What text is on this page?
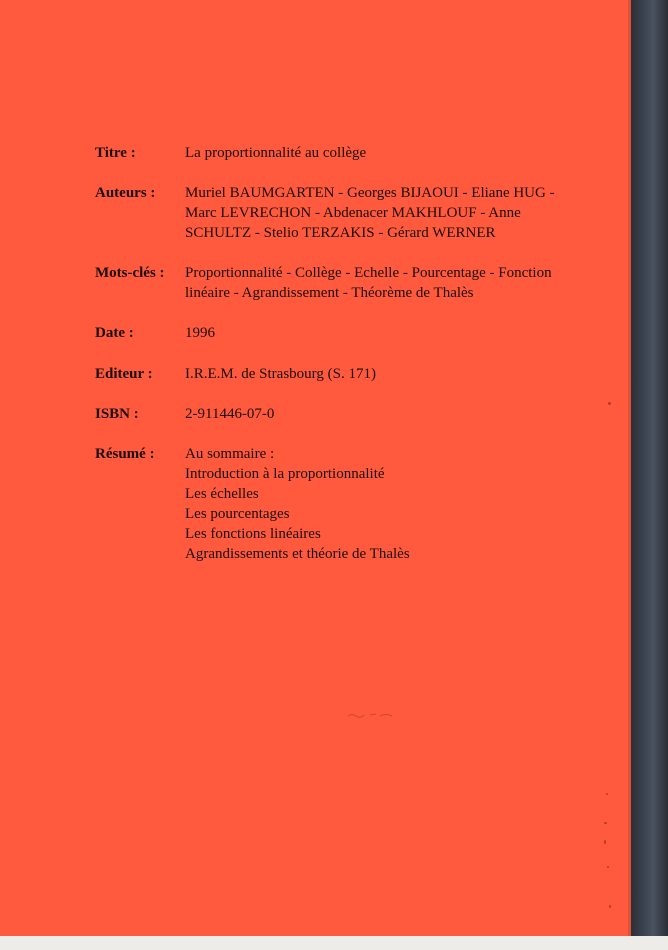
Titre :	La proportionnalité au collège
Auteurs : Muriel BAUMGARTEN - Georges BIJAOUI - Eliane HUG -
Marc LEVRECHON - Abdenacer MAKHLOUF - Anne
SCHULTZ - Stelio TERZAKIS - Gérard WERNER
Mots-clés : Proportionnalité - Collège - Echelle - Pourcentage - Fonction
linéaire - Agrandissement - Théorème de Thalès
Date :	1996
Editeur : I.R.E.M. de Strasbourg (S. 171)
ISBN :	2-911446-07-0
Résumé : Au sommaire :
Introduction à la proportionnalité
Les échelles
Les pourcentages
Les fonctions linéaires
Agrandissements et théorie de Thalès
